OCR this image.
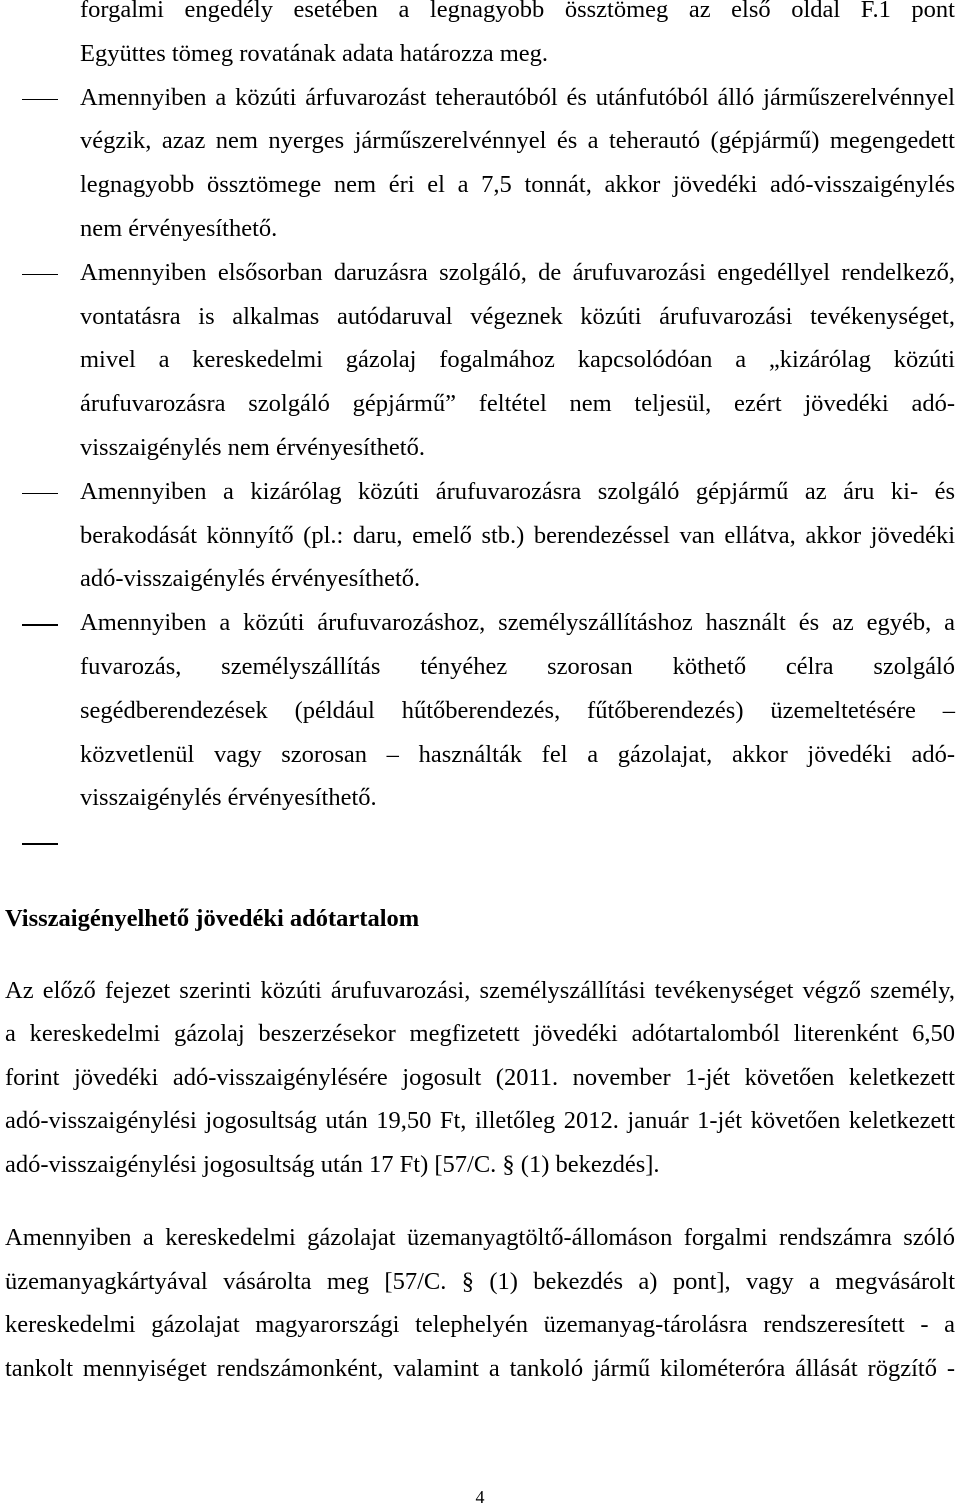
forgalmi engedély esetében a legnagyobb össztömeg az első oldal F.1 pont
Együttes tömeg rovatának adata határozza meg.
Amennyiben a közúti árfuvarozást teherautóból és utánfutóból álló járműszerelvénnyel
végzik, azaz nem nyerges járműszerelvénnyel és a teherautó (gépjármű) megengedett
legnagyobb össztömege nem éri el a 7,5 tonnát, akkor jövedéki adó-visszaigénylés
nem érvényesíthető.
Amennyiben elsősorban daruzásra szolgáló, de árufuvarozási engedéllyel rendelkező,
vontatásra is alkalmas autódaruval végeznek közúti árufuvarozási tevékenységet,
mivel a kereskedelmi gázolaj fogalmához kapcsolódóan a „kizárólag közúti
árufuvarozásra szolgáló gépjármű” feltétel nem teljesül, ezért jövedéki adó-
visszaigénylés nem érvényesíthető.
Amennyiben a kizárólag közúti árufuvarozásra szolgáló gépjármű az áru ki- és
berakodását könnyítő (pl.: daru, emelő stb.) berendezéssel van ellátva, akkor jövedéki
adó-visszaigénylés érvényesíthető.
Amennyiben a közúti árufuvarozáshoz, személyszállításhoz használt és az egyéb, a
fuvarozás, személyszállítás tényéhez szorosan köthető célra szolgáló
segédberendezések (például hűtőberendezés, fűtőberendezés) üzemeltetésére –
közvetlenül vagy szorosan – használták fel a gázolajat, akkor jövedéki adó-
visszaigénylés érvényesíthető.
Visszaigényelhető jövedéki adótartalom
Az előző fejezet szerinti közúti árufuvarozási, személyszállítási tevékenységet végző személy,
a kereskedelmi gázolaj beszerzésekor megfizetett jövedéki adótartalomból literenként 6,50
forint jövedéki adó-visszaigénylésére jogosult (2011. november 1-jét követően keletkezett
adó-visszaigénylési jogosultság után 19,50 Ft, illetőleg 2012. január 1-jét követően keletkezett
adó-visszaigénylési jogosultság után 17 Ft) [57/C. § (1) bekezdés].
Amennyiben a kereskedelmi gázolajat üzemanyagtöltő-állomáson forgalmi rendszámra szóló
üzemanyagkártyával vásárolta meg [57/C. § (1) bekezdés a) pont], vagy a megvásárolt
kereskedelmi gázolajat magyarországi telephelyén üzemanyag-tárolásra rendszeresített - a
tankolt mennyiséget rendszámonként, valamint a tankoló jármű kilométeróra állását rögzítő -
4
